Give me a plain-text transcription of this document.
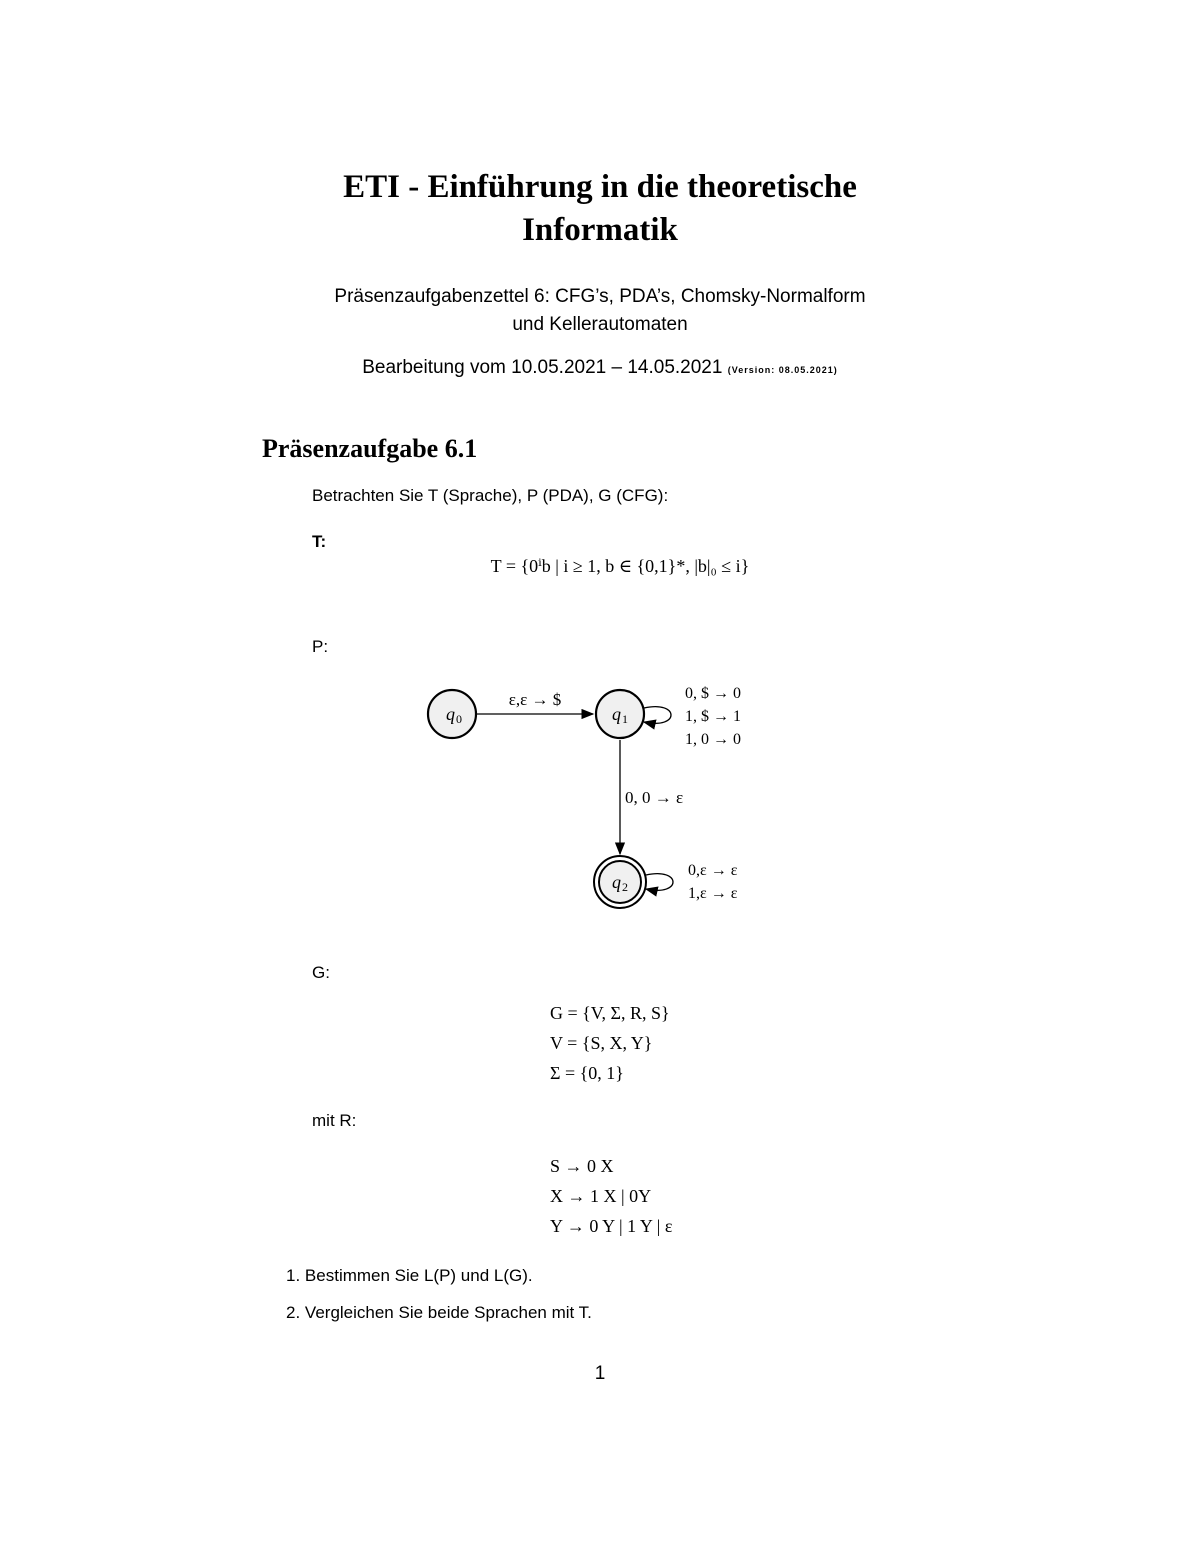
ETI - Einführung in die theoretische
Informatik
Präsenzaufgabenzettel 6: CFG’s, PDA’s, Chomsky-Normalform
und Kellerautomaten
Bearbeitung vom 10.05.2021 – 14.05.2021 (Version: 08.05.2021)
Präsenzaufgabe 6.1
Betrachten Sie T (Sprache), P (PDA), G (CFG):
T:
T = {0ⁱb | i ≥ 1, b ∈ {0,1}*, |b|₀ ≤ i}
P:
ε,ε → $
0, 0 → ε
0, $ → 0
1, $ → 1
1, 0 → 0
0,ε → ε
1,ε → ε
q 0	q 1
q 2
G:
G = {V, Σ, R, S}
V = {S, X, Y}
Σ = {0, 1}
mit R:
S → 0 X
X → 1 X | 0Y
Y → 0 Y | 1 Y | ε
1. Bestimmen Sie L(P) und L(G).
2. Vergleichen Sie beide Sprachen mit T.
1
